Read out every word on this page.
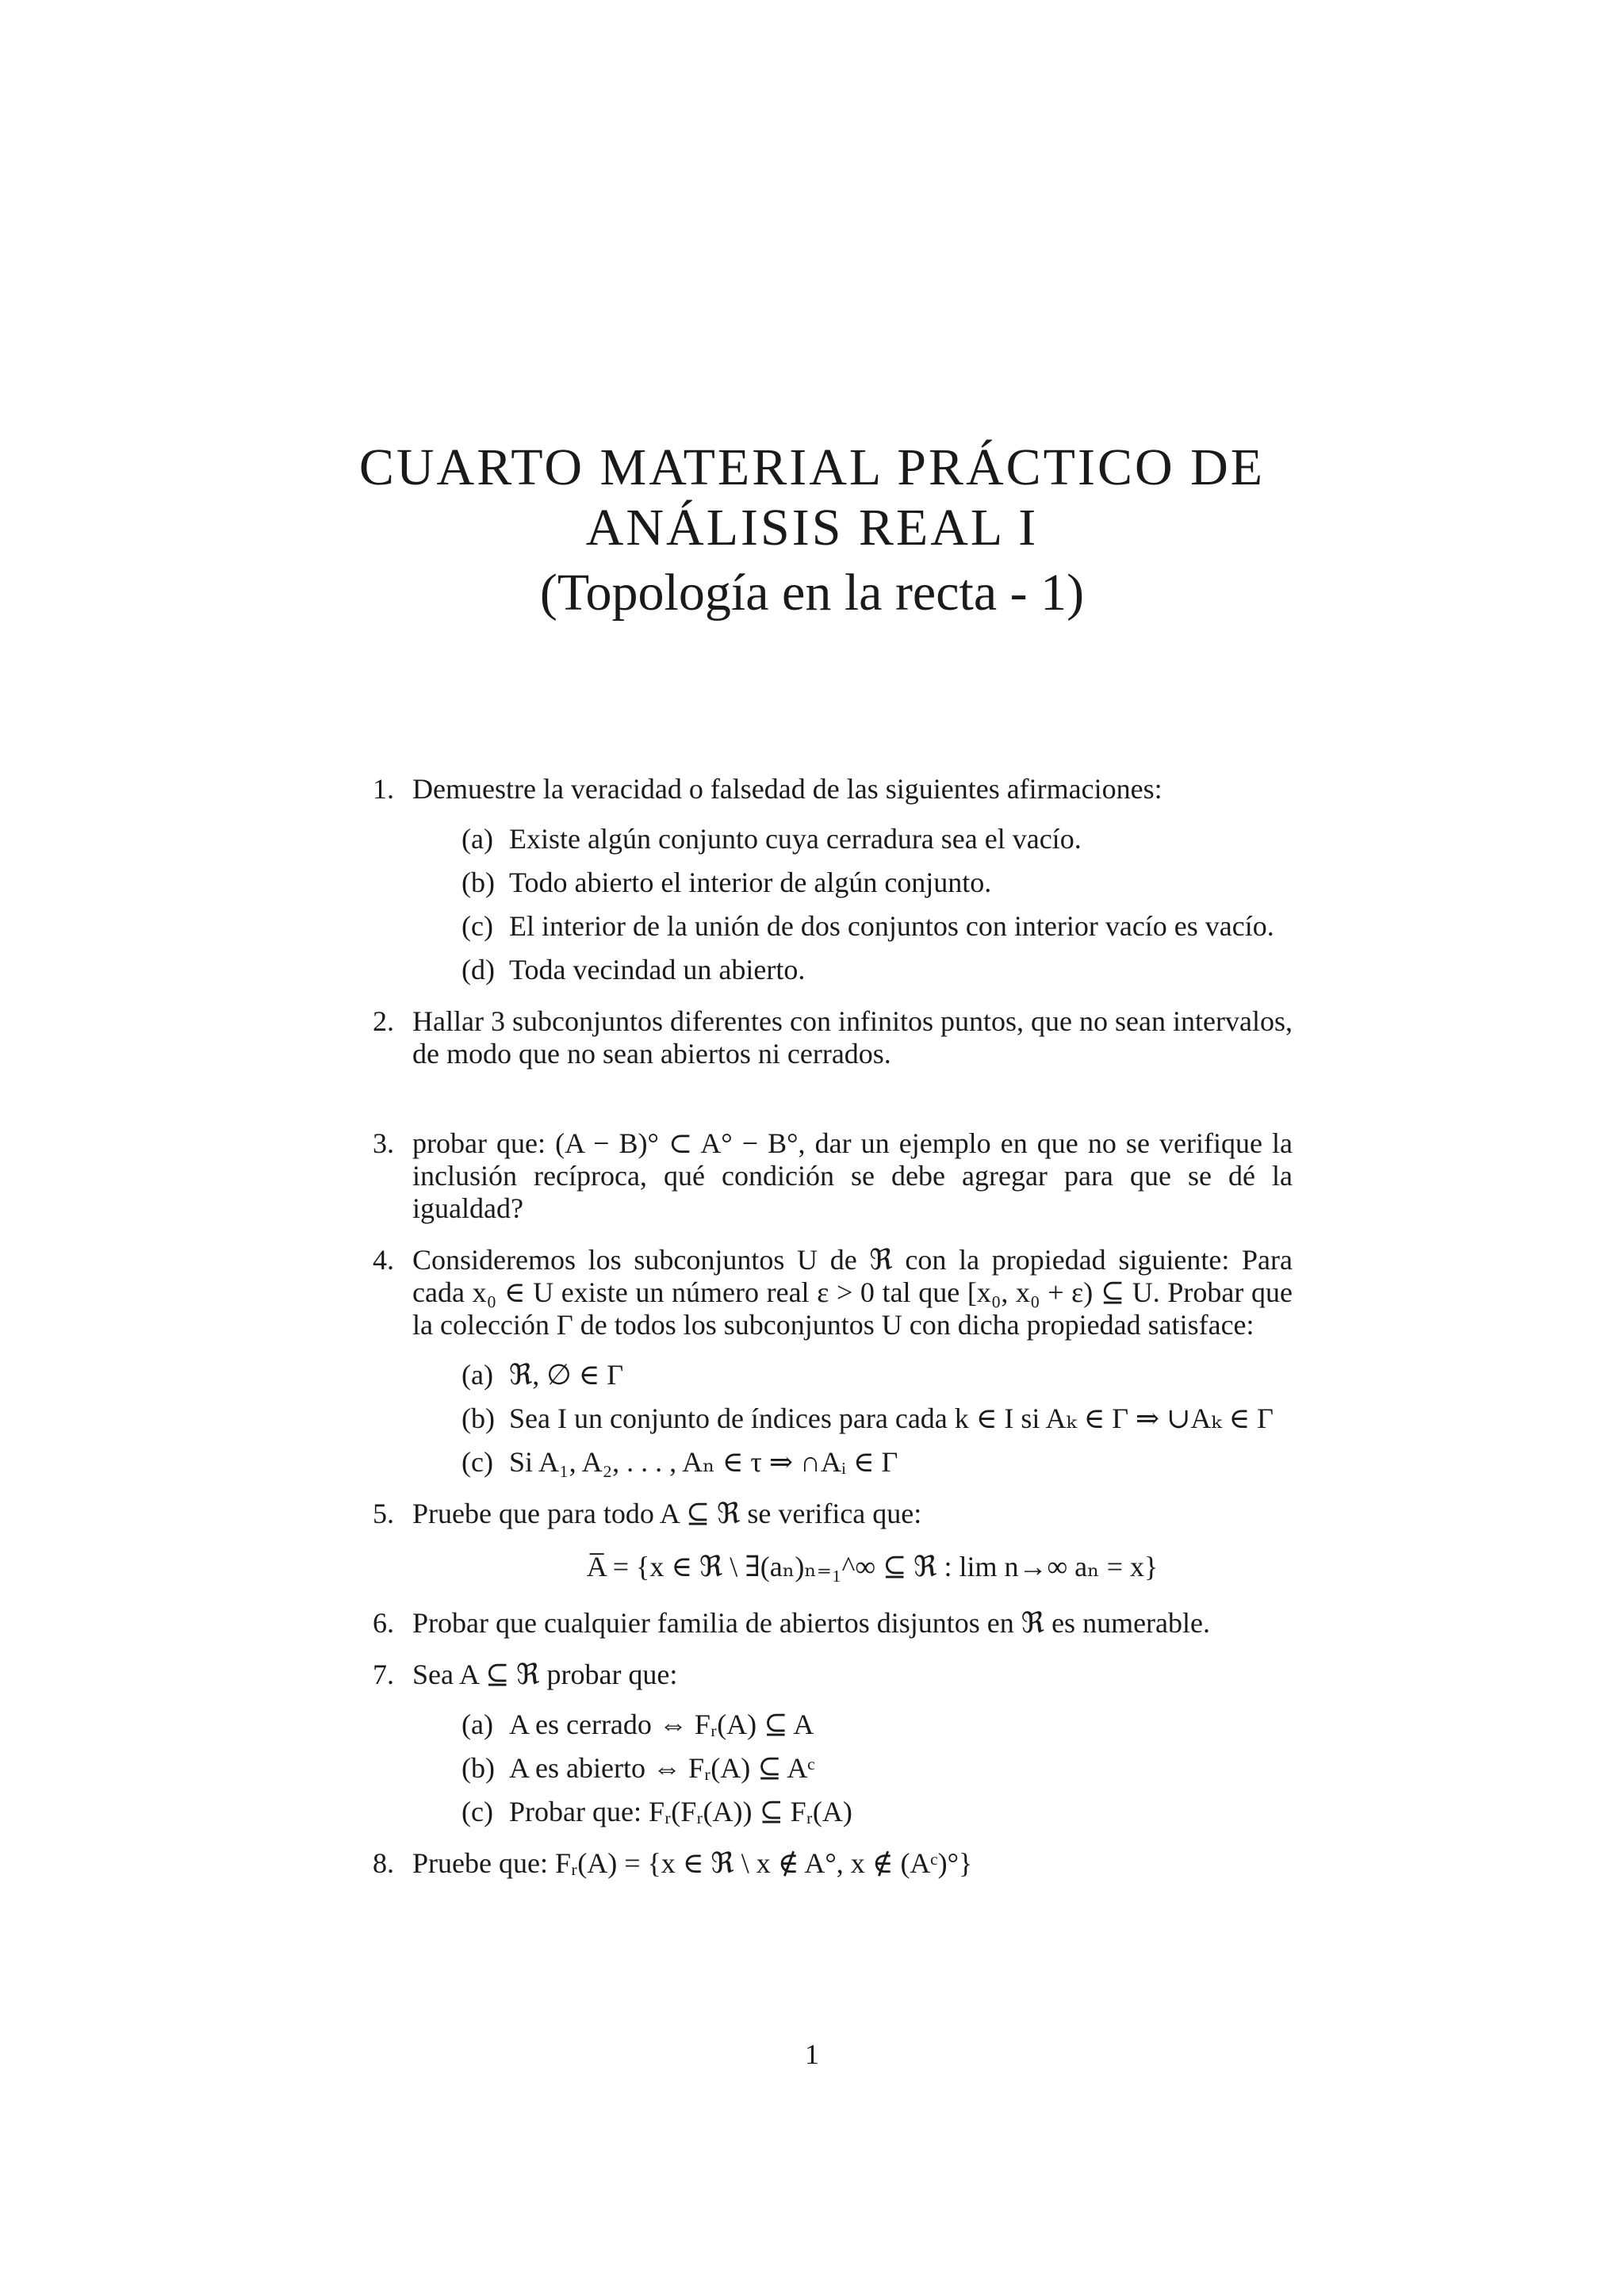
CUARTO MATERIAL PRÁCTICO DE
ANÁLISIS REAL I
(Topología en la recta - 1)
1. Demuestre la veracidad o falsedad de las siguientes afirmaciones:
(a) Existe algún conjunto cuya cerradura sea el vacío.
(b) Todo abierto el interior de algún conjunto.
(c) El interior de la unión de dos conjuntos con interior vacío es vacío.
(d) Toda vecindad un abierto.
2. Hallar 3 subconjuntos diferentes con infinitos puntos, que no sean intervalos, de modo que no sean abiertos ni cerrados.
3. probar que: (A − B)° ⊂ A° − B°, dar un ejemplo en que no se verifique la inclusión recíproca, qué condición se debe agregar para que se dé la igualdad?
4. Consideremos los subconjuntos U de ℜ con la propiedad siguiente: Para cada x₀ ∈ U existe un número real ε > 0 tal que [x₀, x₀ + ε) ⊆ U. Probar que la colección Γ de todos los subconjuntos U con dicha propiedad satisface:
(a) ℜ, ∅ ∈ Γ
(b) Sea I un conjunto de índices para cada k ∈ I si Aₖ ∈ Γ ⇒ ∪Aₖ ∈ Γ
(c) Si A₁, A₂, . . . , Aₙ ∈ τ ⇒ ∩Aᵢ ∈ Γ
5. Pruebe que para todo A ⊆ ℜ se verifica que:
A̅ = {x ∈ ℜ \ ∃(aₙ)ₙ₌₁^∞ ⊆ ℜ : lim n→∞ aₙ = x}
6. Probar que cualquier familia de abiertos disjuntos en ℜ es numerable.
7. Sea A ⊆ ℜ probar que:
(a) A es cerrado ⇔ Fᵣ(A) ⊆ A
(b) A es abierto ⇔ Fᵣ(A) ⊆ Aᶜ
(c) Probar que: Fᵣ(Fᵣ(A)) ⊆ Fᵣ(A)
8. Pruebe que: Fᵣ(A) = {x ∈ ℜ \ x ∉ A°, x ∉ (Aᶜ)°}
1
